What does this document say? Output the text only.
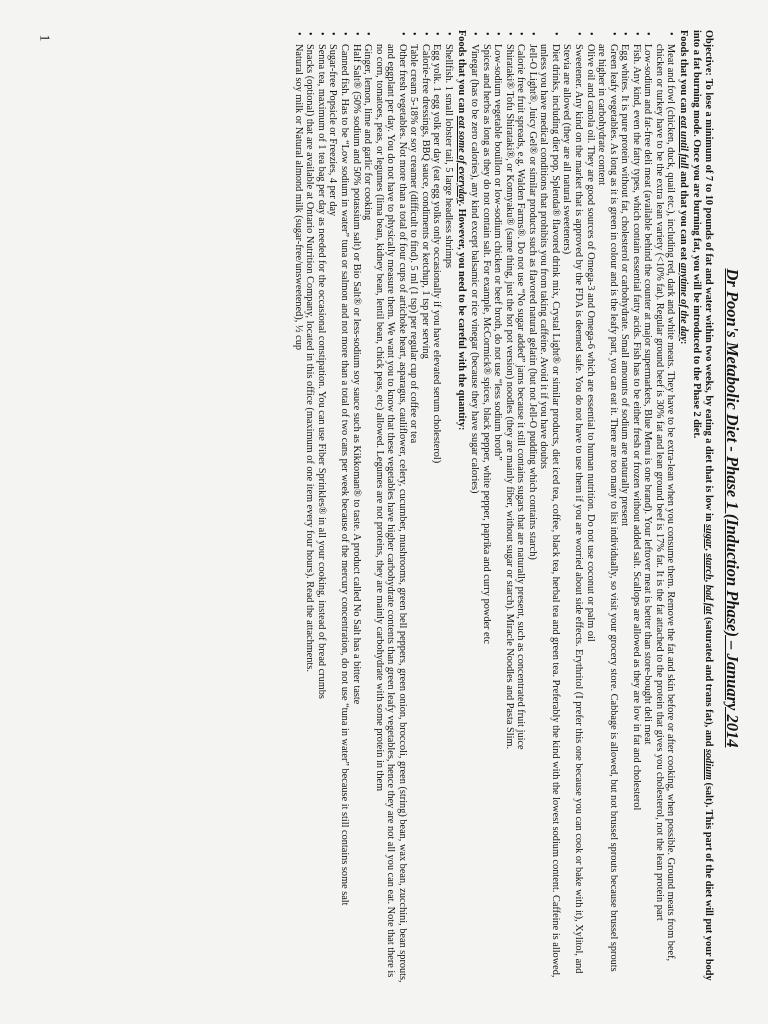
Dr Poon's Metabolic Diet - Phase 1 (Induction Phase) – January 2014

Objective:To lose a minimum of 7 to 10 pounds of fat and water within two weeks, by eating a diet that is low in sugar, starch, bad fat (saturated and trans fat), and sodium (salt). This part of the diet will put your body into a fat burning mode. Once you are burning fat, you will be introduced to the Phase 2 diet.

Foods that you can eat until full and that you can eat anytime of the day:

• Meat and fowl (chicken, duck, quail etc.), including red, dark and white meats. They have to be extra-lean when you consume them. Remove the fat and skin before or after cooking, when possible. Ground meats from beef, chicken or turkey have to be the extra lean variety (<10% fat). Regular ground beef is 30% fat and lean ground beef is 17% fat. It is the fat attached to the protein that gives you cholesterol, not the lean protein part
• Low-sodium and fat-free deli meat (available behind the counter at major supermarkets, Blue Menu is one brand). Your leftover meat is better than store-bought deli meat
• Fish. Any kind, even the fatty types, which contain essential fatty acids. Fish has to be either fresh or frozen without added salt. Scallops are allowed as they are low in fat and cholesterol
• Egg whites. It is pure protein without fat, cholesterol or carbohydrate. Small amounts of sodium are naturally present
• Green leafy vegetables. As long as it is green in colour and is the leafy part, you can eat it. There are too many to list individually, so visit your grocery store. Cabbage is allowed, but not brussel sprouts because brussel sprouts are higher in carbohydrate content
• Olive oil and canola oil. They are good sources of Omega-3 and Omega-6 which are essential to human nutrition. Do not use coconut or palm oil
• Sweetener. Any kind on the market that is approved by the FDA is deemed safe. You do not have to use them if you are worried about side effects. Erythritol (I prefer this one because you can cook or bake with it), Xylitol, and Stevia are allowed (they are all natural sweeteners)
• Diet drinks, including diet pop, Splenda® flavored drink mix, Crystal Light® or similar products, diet iced tea, coffee, black tea, herbal tea and green tea. Preferably the kind with the lowest sodium content. Caffeine is allowed, unless you have medical conditions that prohibits you from taking caffeine. Avoid it if you have doubts
• Jell-O Light®, Juicy Gel® or similar products such as flavored natural gelatin (but not Jell-O pudding which contains starch)
• Calorie free fruit spreads, e.g. Walden Farms®. Do not use “No sugar added” jams because it still contains sugars that are naturally present, such as concentrated fruit juice
• Shirataki® Tofu Shirataki®, or Konnyaku® (same thing, just the hot pot version) noodles (they are mainly fiber, without sugar or starch). Miracle Noodles and Pasta Slim.
• Low-sodium vegetable bouillon or low-sodium chicken or beef broth, do not use “less sodium broth”
• Spices and herbs as long as they do not contain salt. For example, McCormick® spices, black pepper, white pepper, paprika and curry powder etc
• Vinegar (has to be zero calories), any kind except balsamic or rice vinegar (because they have sugar calories)

Foods that you can eat some of everyday. However, you need to be careful with the quantity:

• Shellfish. 1 small lobster tail, 5 large headless shrimps
• Egg yolk. 1 egg yolk per day (eat egg yolks only occasionally if you have elevated serum cholesterol)
• Calorie-free dressings, BBQ sauce, condiments or ketchup, 1 tsp per serving
• Table cream 5-18% or soy creamer (difficult to find). 5 ml (1 tsp) per regular cup of coffee or tea
• Other fresh vegetables. Not more than a total of four cups of artichoke heart, asparagus, cauliflower, celery, cucumber, mushrooms, green bell peppers, green onion, broccoli, green (string) bean, wax bean, zucchini, bean sprouts, and eggplant per day. You do not have to physically measure them. We want you to know that these vegetables have higher carbohydrate contents than green leafy vegetables, hence they are not all you can eat. Note that there is no corn, tomatoes, peas, or legumes (lima bean, kidney bean, lentil bean, chick peas, etc) allowed. Legumes are not proteins, they are mainly carbohydrate with some protein in them
• Ginger, lemon, lime and garlic for cooking
• Half Salt® (50% sodium and 50% potassium salt) or Bio Salt® or less-sodium soy sauce such as Kikkoman® to taste. A product called No Salt has a bitter taste
• Canned fish. Has to be “Low sodium in water” tuna or salmon and not more than a total of two cans per week because of the mercury concentration, do not use “tuna in water” because it still contains some salt
• Sugar-free Popsicle or Freezies, 4 per day
• Senna tea, maximum of 1 tea bag per day as needed for the occasional constipation. You can use Fiber Sprinkles® in all your cooking, instead of bread crumbs
• Snacks (optional) that are available at Ontario Nutrition Company, located in this office (maximum of one item every four hours). Read the attachments.
• Natural soy milk or Natural almond milk (sugar-free/unsweetened), ½ cup
1
